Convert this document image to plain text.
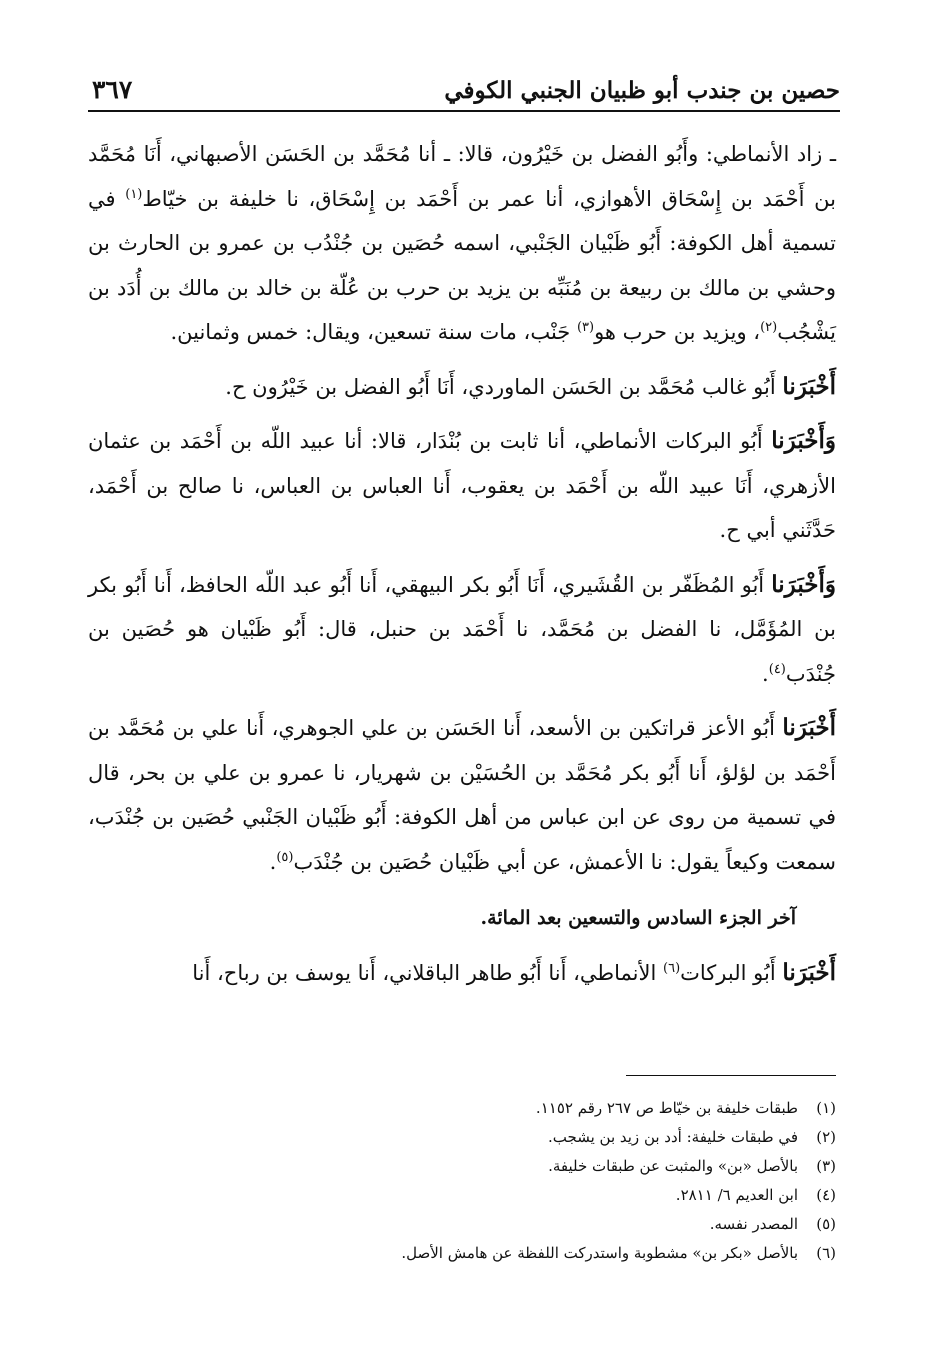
٣٦٧	حصين بن جندب أبو ظبيان الجنبي الكوفي

ـ زاد الأنماطي: وأَبُو الفضل بن خَيْرُون، قالا: ـ أنا مُحَمَّد بن الحَسَن الأصبهاني، أَنَا مُحَمَّد بن أَحْمَد بن إِسْحَاق الأهوازي، أنا عمر بن أَحْمَد بن إِسْحَاق، نا خليفة بن خيّاط$^{(١)}$ في تسمية أهل الكوفة: أَبُو ظَبْيان الجَنْبي، اسمه حُصَين بن جُنْدُب بن عمرو بن الحارث بن وحشي بن مالك بن ربيعة بن مُنَبِّه بن يزيد بن حرب بن عُلّة بن خالد بن مالك بن أُدَد بن يَشْجُب$^{(٢)}$، ويزيد بن حرب هو$^{(٣)}$ جَنْب، مات سنة تسعين، ويقال: خمس وثمانين.

أَخْبَرَنا أَبُو غالب مُحَمَّد بن الحَسَن الماوردي، أَنَا أَبُو الفضل بن خَيْرُون ح.

وَأَخْبَرَنا أَبُو البركات الأنماطي، أنا ثابت بن بُنْدَار، قالا: أنا عبيد اللّه بن أَحْمَد بن عثمان الأزهري، أَنَا عبيد اللّه بن أَحْمَد بن يعقوب، أَنا العباس بن العباس، نا صالح بن أَحْمَد، حَدَّثَني أبي ح.

وَأَخْبَرَنا أَبُو المُظَفّر بن القُشَيري، أَنَا أَبُو بكر البيهقي، أَنا أَبُو عبد اللّه الحافظ، أَنا أَبُو بكر بن المُؤَمَّل، نا الفضل بن مُحَمَّد، نا أَحْمَد بن حنبل، قال: أَبُو ظَبْيان هو حُصَين بن جُنْدَب$^{(٤)}$.

أَخْبَرَنا أَبُو الأعز قراتكين بن الأسعد، أَنا الحَسَن بن علي الجوهري، أَنا علي بن مُحَمَّد بن أَحْمَد بن لؤلؤ، أَنا أَبُو بكر مُحَمَّد بن الحُسَيْن بن شهريار، نا عمرو بن علي بن بحر، قال في تسمية من روى عن ابن عباس من أهل الكوفة: أَبُو ظَبْيان الجَنْبي حُصَين بن جُنْدَب، سمعت وكيعاً يقول: نا الأعمش، عن أبي ظَبْيان حُصَين بن جُنْدَب$^{(٥)}$.

آخر الجزء السادس والتسعين بعد المائة.

أَخْبَرَنا أَبُو البركات$^{(٦)}$ الأنماطي، أَنا أَبُو طاهر الباقلاني، أَنا يوسف بن رباح، أَنا

(١)
طبقات خليفة بن خيّاط ص ٢٦٧ رقم ١١٥٢.
(٢)
في طبقات خليفة: أدد بن زيد بن يشجب.
(٣)
بالأصل «بن» والمثبت عن طبقات خليفة.
(٤)
ابن العديم ٦/ ٢٨١١.
(٥)
المصدر نفسه.
(٦)
بالأصل «بكر بن» مشطوبة واستدركت اللفظة عن هامش الأصل.
